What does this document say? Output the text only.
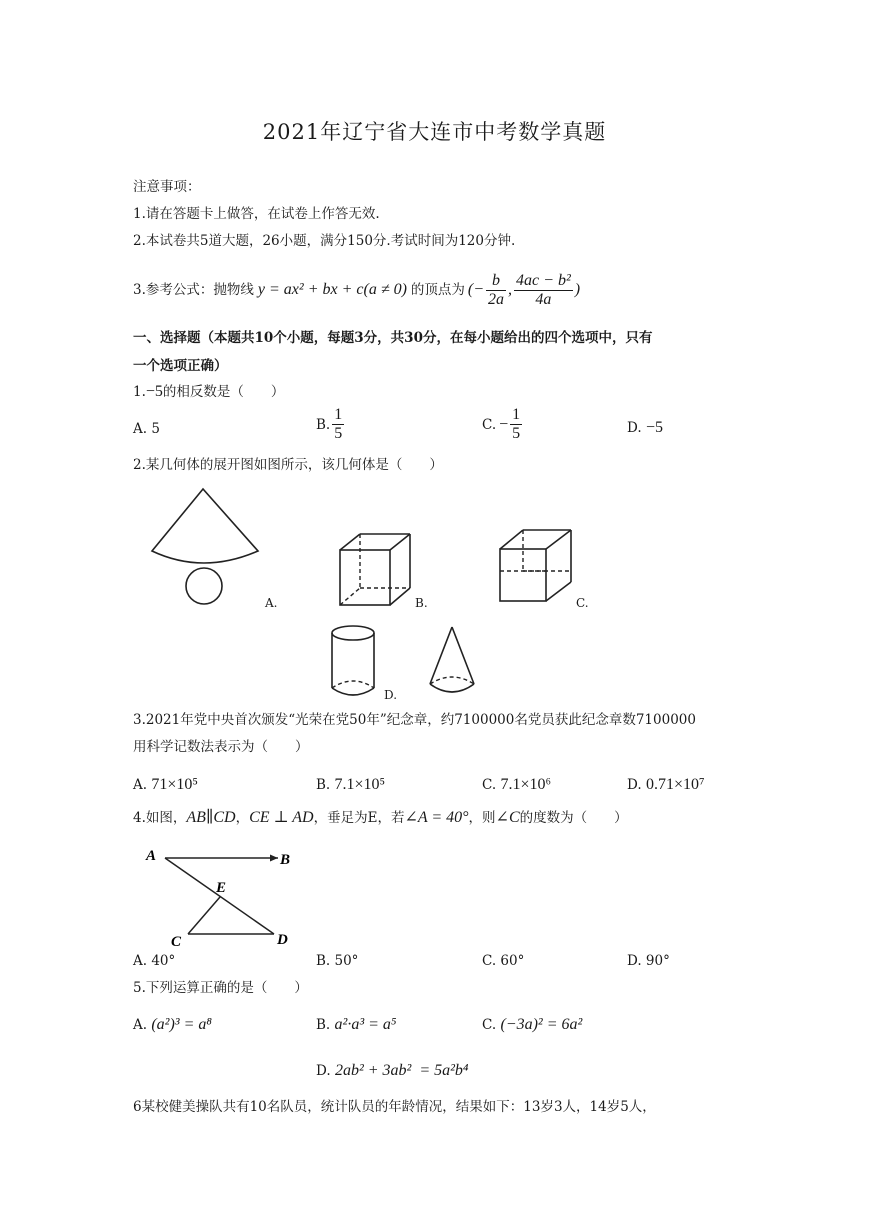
2021年辽宁省大连市中考数学真题
注意事项：
1.请在答题卡上做答，在试卷上作答无效.
2.本试卷共5道大题，26小题，满分150分.考试时间为120分钟.
3.参考公式：抛物线 y = ax² + bx + c(a ≠ 0) 的顶点为 (− $\frac{b}{2a}$ , $\frac{\text{4ac − b²}}{4a}$ )
一、选择题（本题共10个小题，每题3分，共30分，在每小题给出的四个选项中，只有
一个选项正确）
1.−5的相反数是（　　）
A. 5	B. $\frac{1}{5}$	C. − $\frac{1}{5}$	D. −5
2.某几何体的展开图如图所示，该几何体是（　　）
A.	B.	C.
D.
3.2021年党中央首次颁发“光荣在党50年”纪念章，约7100000名党员获此纪念章数7100000
用科学记数法表示为（　　）
A. 71×10⁵	B. 7.1×10⁵	C. 7.1×10⁶	D. 0.71×10⁷
4.如图，AB∥CD，CE ⊥ AD，垂足为E，若∠A = 40°，则∠C的度数为（　　）
A	B
E
C	D
A. 40°	B. 50°	C. 60°	D. 90°
5.下列运算正确的是（　　）
A. (a²)³ = a⁸	B. a²·a³ = a⁵	C. (−3a)² = 6a²
D. 2ab² + 3ab²  = 5a²b⁴
6某校健美操队共有10名队员，统计队员的年龄情况，结果如下：13岁3人，14岁5人，
